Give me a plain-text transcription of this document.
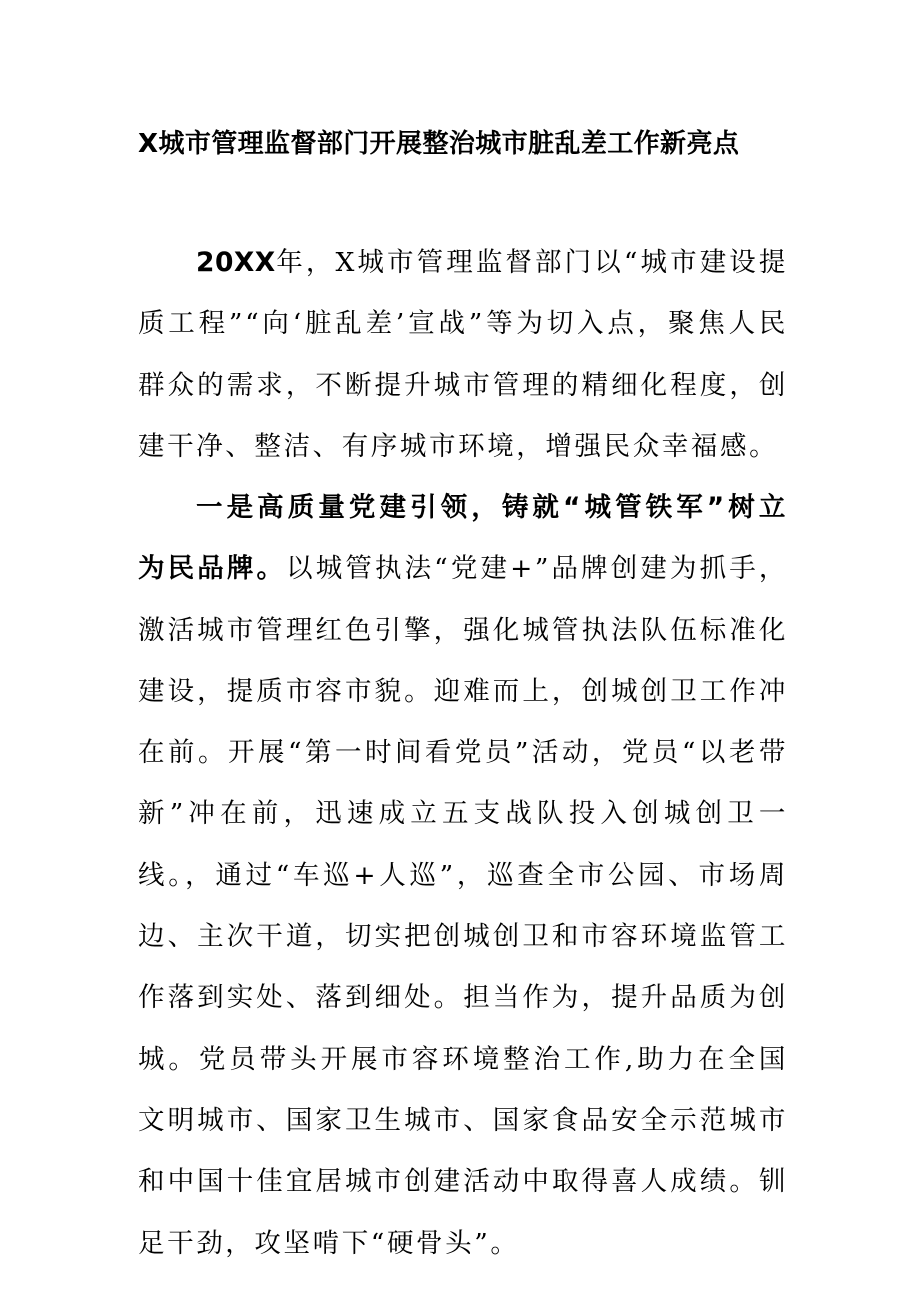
X城市管理监督部门开展整治城市脏乱差工作新亮点

20XX年，X城市管理监督部门以“城市建设提质工程”“向‘脏乱差’宣战”等为切入点，聚焦人民群众的需求，不断提升城市管理的精细化程度，创建干净、整洁、有序城市环境，增强民众幸福感。

一是高质量党建引领，铸就“城管铁军”树立为民品牌。以城管执法“党建+”品牌创建为抓手，激活城市管理红色引擎，强化城管执法队伍标准化建设，提质市容市貌。迎难而上，创城创卫工作冲在前。开展“第一时间看党员”活动，党员“以老带新”冲在前，迅速成立五支战队投入创城创卫一线。，通过“车巡+人巡”，巡查全市公园、市场周边、主次干道，切实把创城创卫和市容环境监管工作落到实处、落到细处。担当作为，提升品质为创城。党员带头开展市容环境整治工作,助力在全国文明城市、国家卫生城市、国家食品安全示范城市和中国十佳宜居城市创建活动中取得喜人成绩。钏足干劲，攻坚啃下“硬骨头”。
